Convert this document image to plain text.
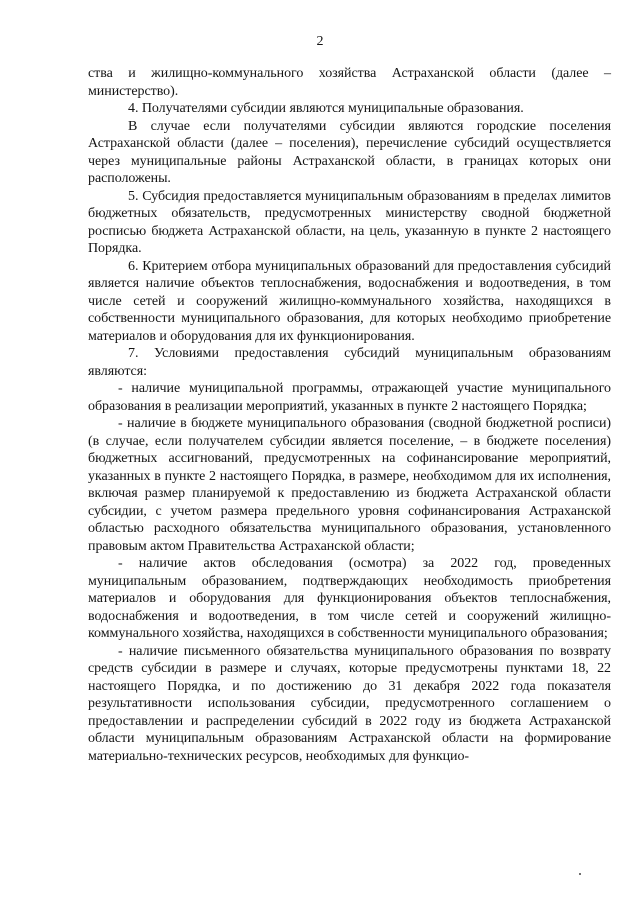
2

ства и жилищно-коммунального хозяйства Астраханской области (далее – министерство).

4. Получателями субсидии являются муниципальные образования.

В случае если получателями субсидии являются городские поселения Астраханской области (далее – поселения), перечисление субсидий осуществляется через муниципальные районы Астраханской области, в границах которых они расположены.

5. Субсидия предоставляется муниципальным образованиям в пределах лимитов бюджетных обязательств, предусмотренных министерству сводной бюджетной росписью бюджета Астраханской области, на цель, указанную в пункте 2 настоящего Порядка.

6. Критерием отбора муниципальных образований для предоставления субсидий является наличие объектов теплоснабжения, водоснабжения и водоотведения, в том числе сетей и сооружений жилищно-коммунального хозяйства, находящихся в собственности муниципального образования, для которых необходимо приобретение материалов и оборудования для их функционирования.

7. Условиями предоставления субсидий муниципальным образованиям являются:

- наличие муниципальной программы, отражающей участие муниципального образования в реализации мероприятий, указанных в пункте 2 настоящего Порядка;

- наличие в бюджете муниципального образования (сводной бюджетной росписи) (в случае, если получателем субсидии является поселение, – в бюджете поселения) бюджетных ассигнований, предусмотренных на софинансирование мероприятий, указанных в пункте 2 настоящего Порядка, в размере, необходимом для их исполнения, включая размер планируемой к предоставлению из бюджета Астраханской области субсидии, с учетом размера предельного уровня софинансирования Астраханской областью расходного обязательства муниципального образования, установленного правовым актом Правительства Астраханской области;

- наличие актов обследования (осмотра) за 2022 год, проведенных муниципальным образованием, подтверждающих необходимость приобретения материалов и оборудования для функционирования объектов теплоснабжения, водоснабжения и водоотведения, в том числе сетей и сооружений жилищно-коммунального хозяйства, находящихся в собственности муниципального образования;

- наличие письменного обязательства муниципального образования по возврату средств субсидии в размере и случаях, которые предусмотрены пунктами 18, 22 настоящего Порядка, и по достижению до 31 декабря 2022 года показателя результативности использования субсидии, предусмотренного соглашением о предоставлении и распределении субсидий в 2022 году из бюджета Астраханской области муниципальным образованиям Астраханской области на формирование материально-технических ресурсов, необходимых для функцио-
